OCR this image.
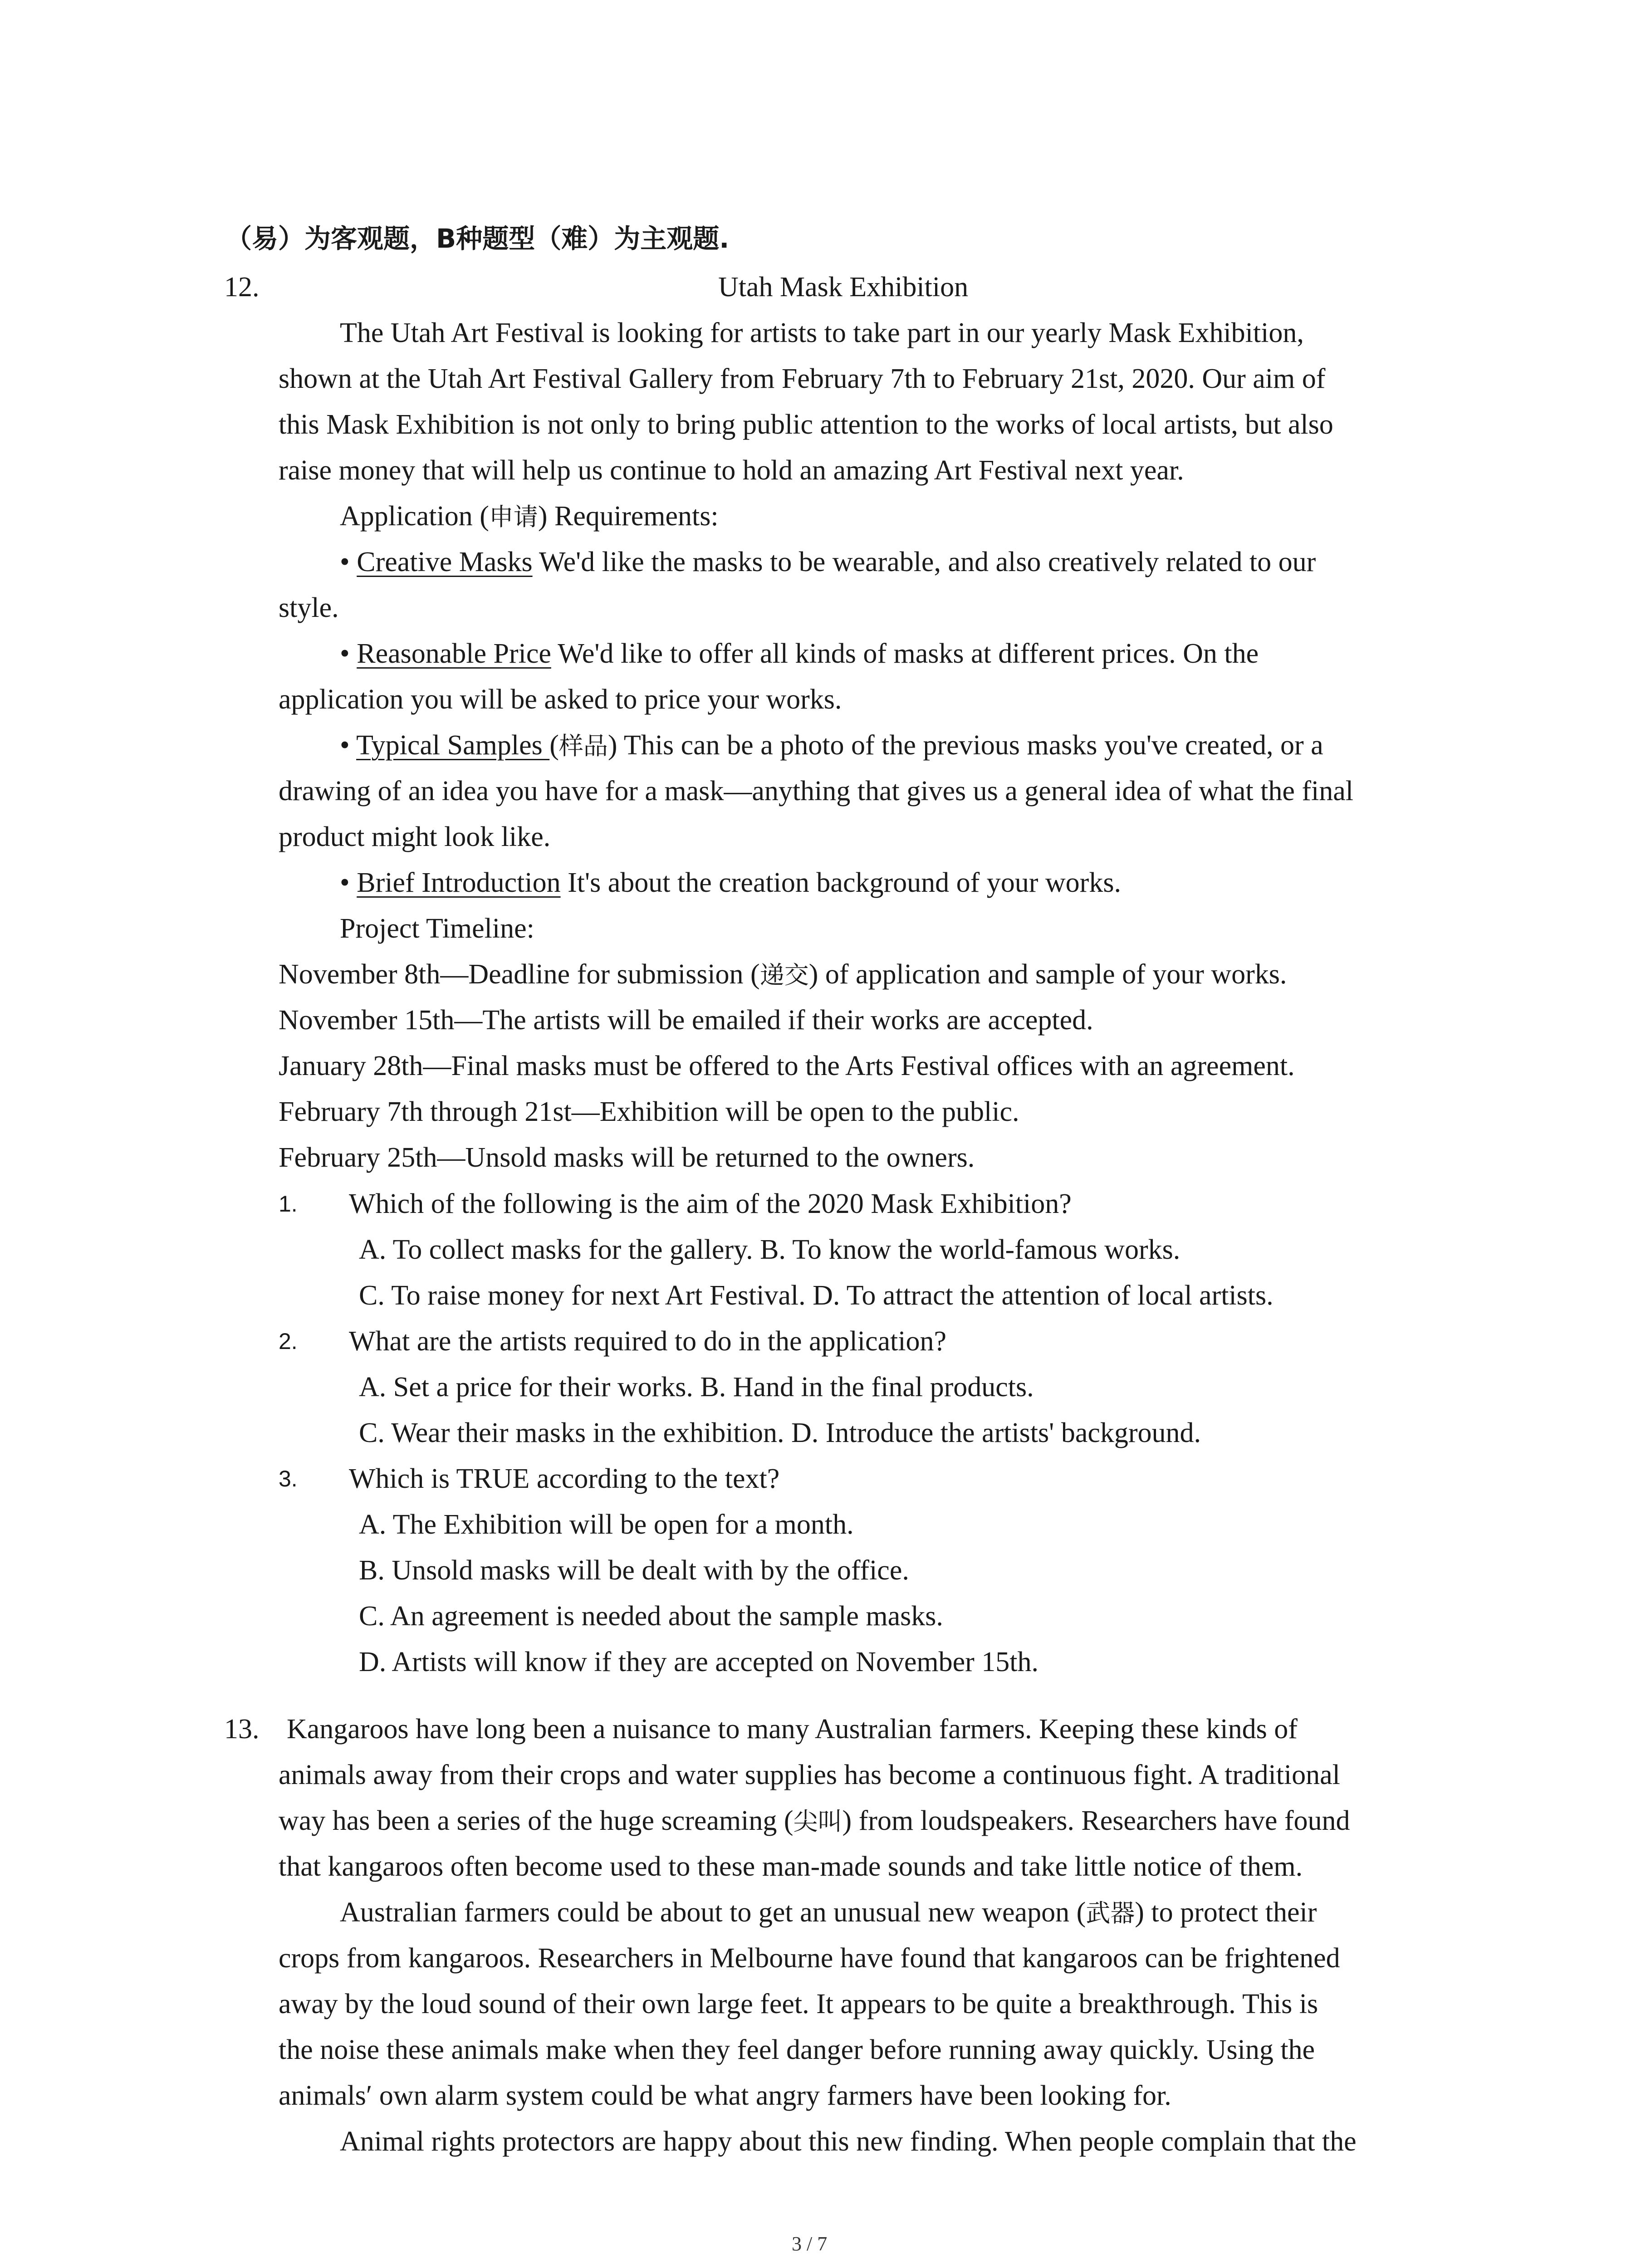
（易）为客观题，B种题型（难）为主观题.
12.	Utah Mask Exhibition
The Utah Art Festival is looking for artists to take part in our yearly Mask Exhibition,
shown at the Utah Art Festival Gallery from February 7th to February 21st, 2020. Our aim of
this Mask Exhibition is not only to bring public attention to the works of local artists, but also
raise money that will help us continue to hold an amazing Art Festival next year.
Application (申请) Requirements:
• Creative Masks We'd like the masks to be wearable, and also creatively related to our
style.
• Reasonable Price We'd like to offer all kinds of masks at different prices. On the
application you will be asked to price your works.
• Typical Samples (样品) This can be a photo of the previous masks you've created, or a
drawing of an idea you have for a mask—anything that gives us a general idea of what the final
product might look like.
• Brief Introduction It's about the creation background of your works.
Project Timeline:
November 8th—Deadline for submission (递交) of application and sample of your works.
November 15th—The artists will be emailed if their works are accepted.
January 28th—Final masks must be offered to the Arts Festival offices with an agreement.
February 7th through 21st—Exhibition will be open to the public.
February 25th—Unsold masks will be returned to the owners.
1. Which of the following is the aim of the 2020 Mask Exhibition?
A. To collect masks for the gallery. B. To know the world-famous works.
C. To raise money for next Art Festival. D. To attract the attention of local artists.
2. What are the artists required to do in the application?
A. Set a price for their works. B. Hand in the final products.
C. Wear their masks in the exhibition. D. Introduce the artists' background.
3. Which is TRUE according to the text?
A. The Exhibition will be open for a month.
B. Unsold masks will be dealt with by the office.
C. An agreement is needed about the sample masks.
D. Artists will know if they are accepted on November 15th.
13. Kangaroos have long been a nuisance to many Australian farmers. Keeping these kinds of
animals away from their crops and water supplies has become a continuous fight. A traditional
way has been a series of the huge screaming (尖叫) from loudspeakers. Researchers have found
that kangaroos often become used to these man-made sounds and take little notice of them.
Australian farmers could be about to get an unusual new weapon (武器) to protect their
crops from kangaroos. Researchers in Melbourne have found that kangaroos can be frightened
away by the loud sound of their own large feet. It appears to be quite a breakthrough. This is
the noise these animals make when they feel danger before running away quickly. Using the
animals′ own alarm system could be what angry farmers have been looking for.
Animal rights protectors are happy about this new finding. When people complain that the
3 / 7
